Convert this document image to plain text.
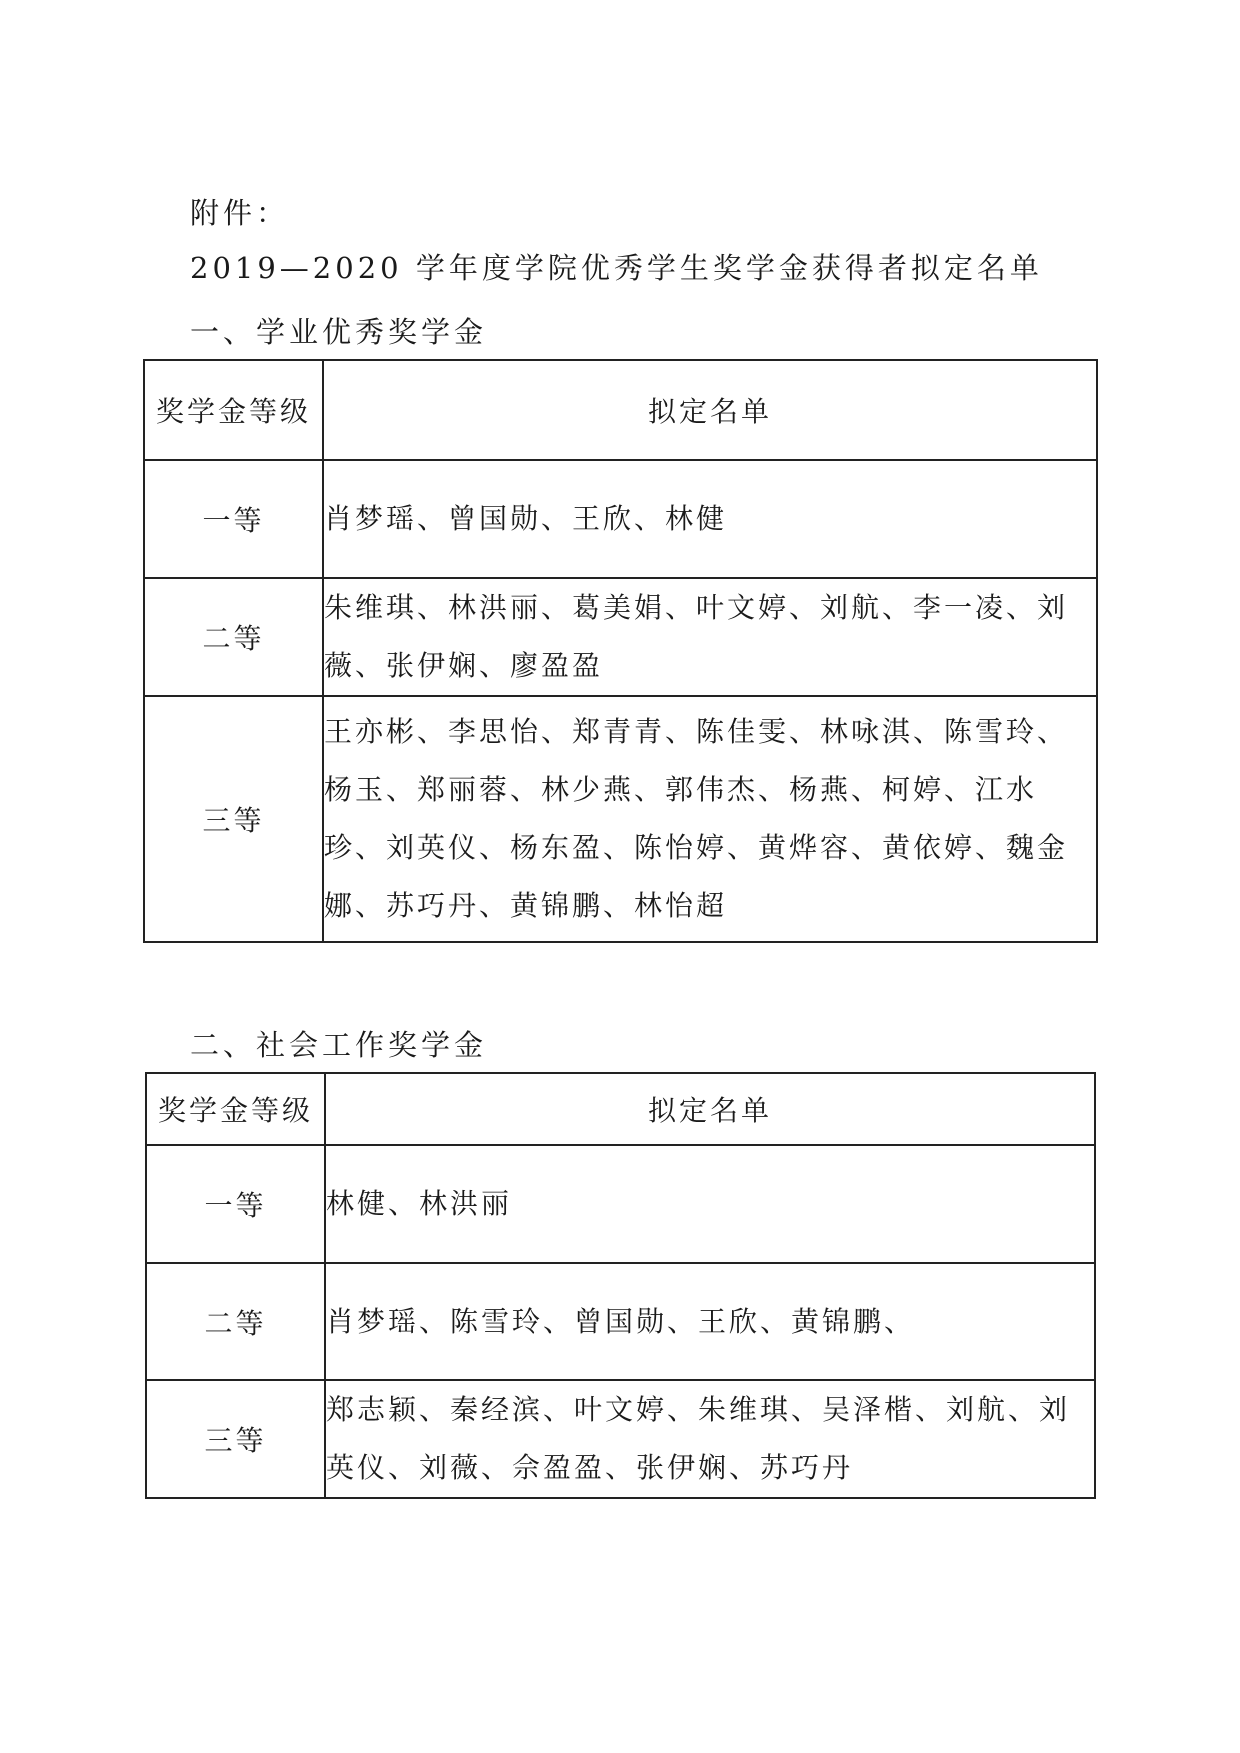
附件：
2019—2020 学年度学院优秀学生奖学金获得者拟定名单
一、学业优秀奖学金
奖学金等级	拟定名单
一等	肖梦瑶、曾国勋、王欣、林健
二等	朱维琪、林洪丽、葛美娟、叶文婷、刘航、李一凌、刘薇、张伊娴、廖盈盈
三等	王亦彬、李思怡、郑青青、陈佳雯、林咏淇、陈雪玲、杨玉、郑丽蓉、林少燕、郭伟杰、杨燕、柯婷、江水珍、刘英仪、杨东盈、陈怡婷、黄烨容、黄依婷、魏金娜、苏巧丹、黄锦鹏、林怡超
二、社会工作奖学金
奖学金等级	拟定名单
一等	林健、林洪丽
二等	肖梦瑶、陈雪玲、曾国勋、王欣、黄锦鹏、
三等	郑志颖、秦经滨、叶文婷、朱维琪、吴泽楷、刘航、刘英仪、刘薇、佘盈盈、张伊娴、苏巧丹
